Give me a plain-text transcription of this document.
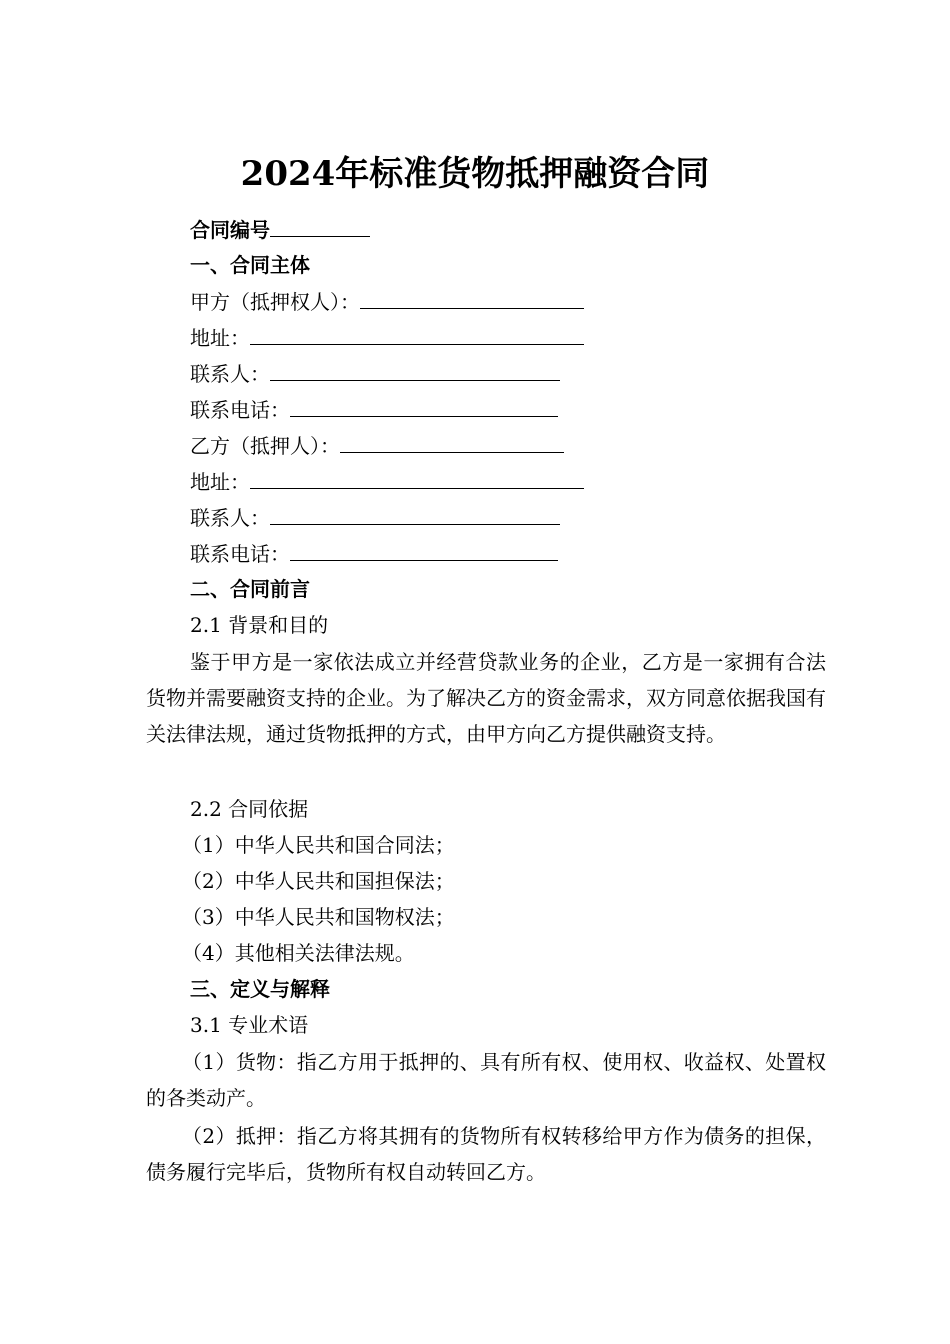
2024年标准货物抵押融资合同
合同编号
一、合同主体
甲方（抵押权人）：
地址：
联系人：
联系电话：
乙方（抵押人）：
地址：
联系人：
联系电话：
二、合同前言
2.1 背景和目的
鉴于甲方是一家依法成立并经营贷款业务的企业，乙方是一家拥有合法货物并需要融资支持的企业。为了解决乙方的资金需求，双方同意依据我国有关法律法规，通过货物抵押的方式，由甲方向乙方提供融资支持。
2.2 合同依据
（1）中华人民共和国合同法；
（2）中华人民共和国担保法；
（3）中华人民共和国物权法；
（4）其他相关法律法规。
三、定义与解释
3.1 专业术语
（1）货物：指乙方用于抵押的、具有所有权、使用权、收益权、处置权的各类动产。
（2）抵押：指乙方将其拥有的货物所有权转移给甲方作为债务的担保，债务履行完毕后，货物所有权自动转回乙方。
